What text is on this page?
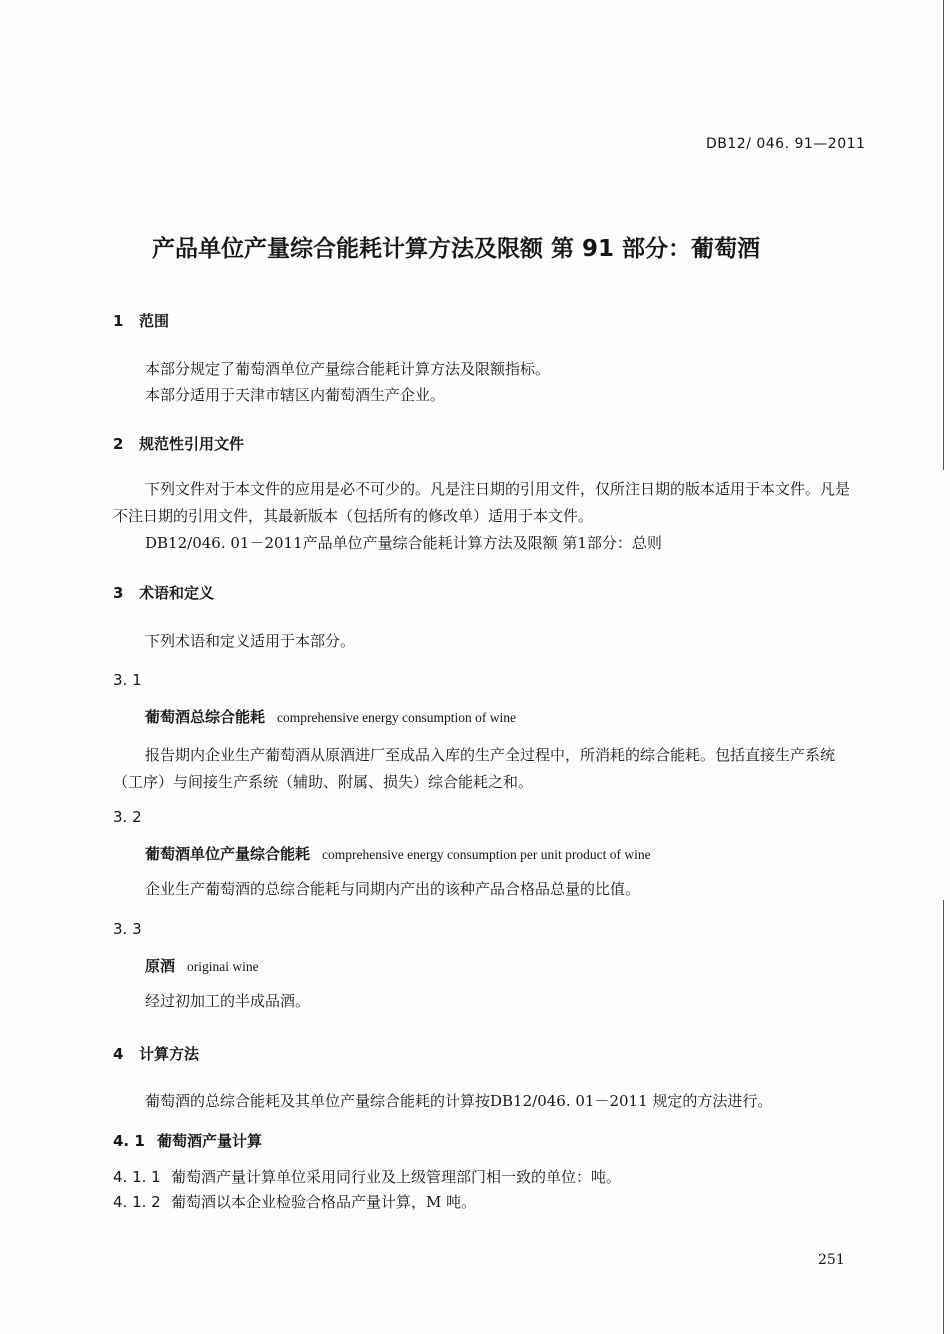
DB12/ 046. 91—2011
产品单位产量综合能耗计算方法及限额 第 91 部分：葡萄酒
1 范围
本部分规定了葡萄酒单位产量综合能耗计算方法及限额指标。
本部分适用于天津市辖区内葡萄酒生产企业。
2 规范性引用文件
下列文件对于本文件的应用是必不可少的。凡是注日期的引用文件，仅所注日期的版本适用于本文件。凡是不注日期的引用文件，其最新版本（包括所有的修改单）适用于本文件。
DB12/046. 01－2011产品单位产量综合能耗计算方法及限额 第1部分：总则
3 术语和定义
下列术语和定义适用于本部分。
3. 1
葡萄酒总综合能耗 comprehensive energy consumption of wine
报告期内企业生产葡萄酒从原酒进厂至成品入库的生产全过程中，所消耗的综合能耗。包括直接生产系统（工序）与间接生产系统（辅助、附属、损失）综合能耗之和。
3. 2
葡萄酒单位产量综合能耗 comprehensive energy consumption per unit product of wine
企业生产葡萄酒的总综合能耗与同期内产出的该种产品合格品总量的比值。
3. 3
原酒 originai wine
经过初加工的半成品酒。
4 计算方法
葡萄酒的总综合能耗及其单位产量综合能耗的计算按DB12/046. 01－2011 规定的方法进行。
4. 1 葡萄酒产量计算
4. 1. 1 葡萄酒产量计算单位采用同行业及上级管理部门相一致的单位：吨。
4. 1. 2 葡萄酒以本企业检验合格品产量计算，M 吨。
251
